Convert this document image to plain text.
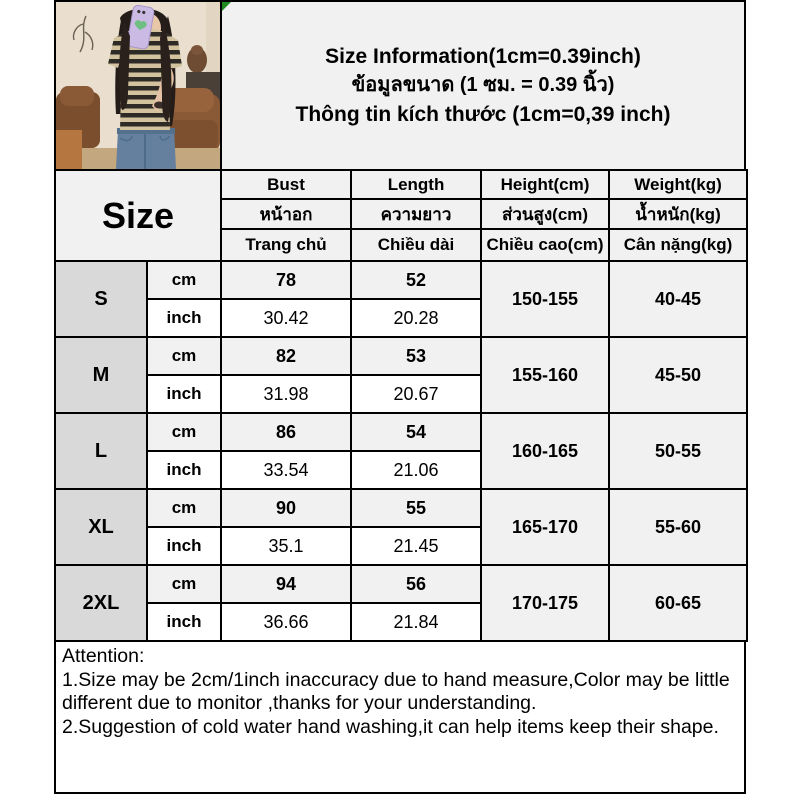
Size Information(1cm=0.39inch)
ข้อมูลขนาด (1 ซม. = 0.39 นิ้ว)
Thông tin kích thước (1cm=0,39 inch)
Size		Bust	Length	Height(cm)	Weight(kg)
		หน้าอก	ความยาว	ส่วนสูง(cm)	น้ำหนัก(kg)
		Trang chủ	Chiều dài	Chiều cao(cm)	Cân nặng(kg)
S	cm	78	52	150-155	40-45
	inch	30.42	20.28		
M	cm	82	53	155-160	45-50
	inch	31.98	20.67		
L	cm	86	54	160-165	50-55
	inch	33.54	21.06		
XL	cm	90	55	165-170	55-60
	inch	35.1	21.45		
2XL	cm	94	56	170-175	60-65
	inch	36.66	21.84		
Attention:
1.Size may be 2cm/1inch inaccuracy due to hand measure,Color may be little different due to monitor ,thanks for your understanding.
2.Suggestion of cold water hand washing,it can help items keep their shape.
